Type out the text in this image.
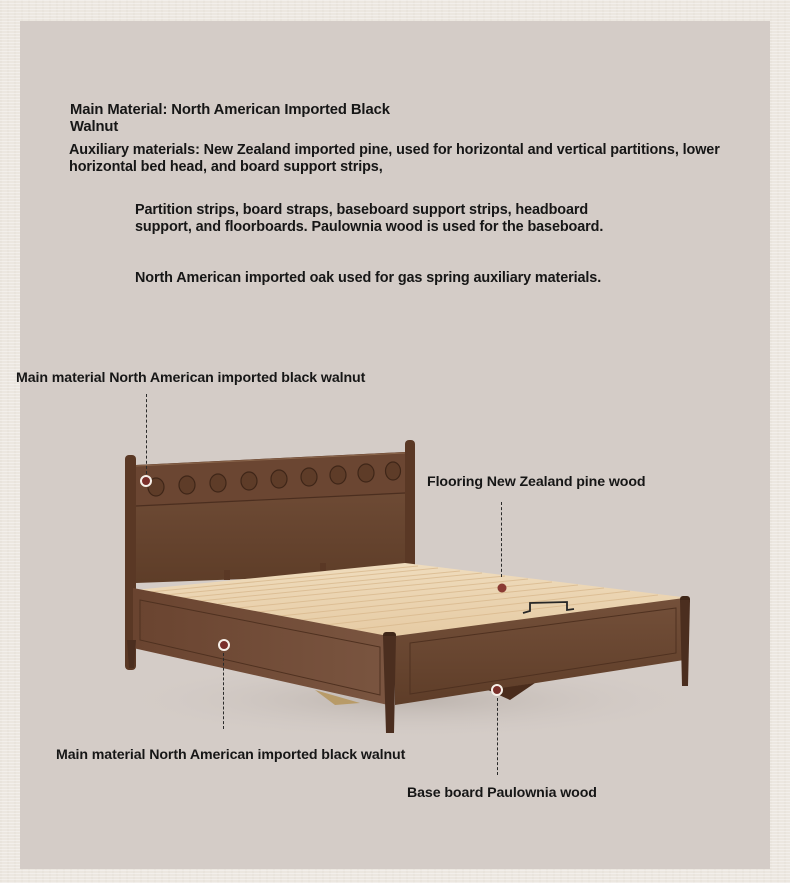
Main Material: North American Imported Black Walnut
Auxiliary materials: New Zealand imported pine, used for horizontal and vertical partitions, lower horizontal bed head, and board support strips,
Partition strips, board straps, baseboard support strips, headboard support, and floorboards. Paulownia wood is used for the baseboard.
North American imported oak used for gas spring auxiliary materials.
Main material North American imported black walnut
Flooring New Zealand pine wood
Main material North American imported black walnut
Base board Paulownia wood
